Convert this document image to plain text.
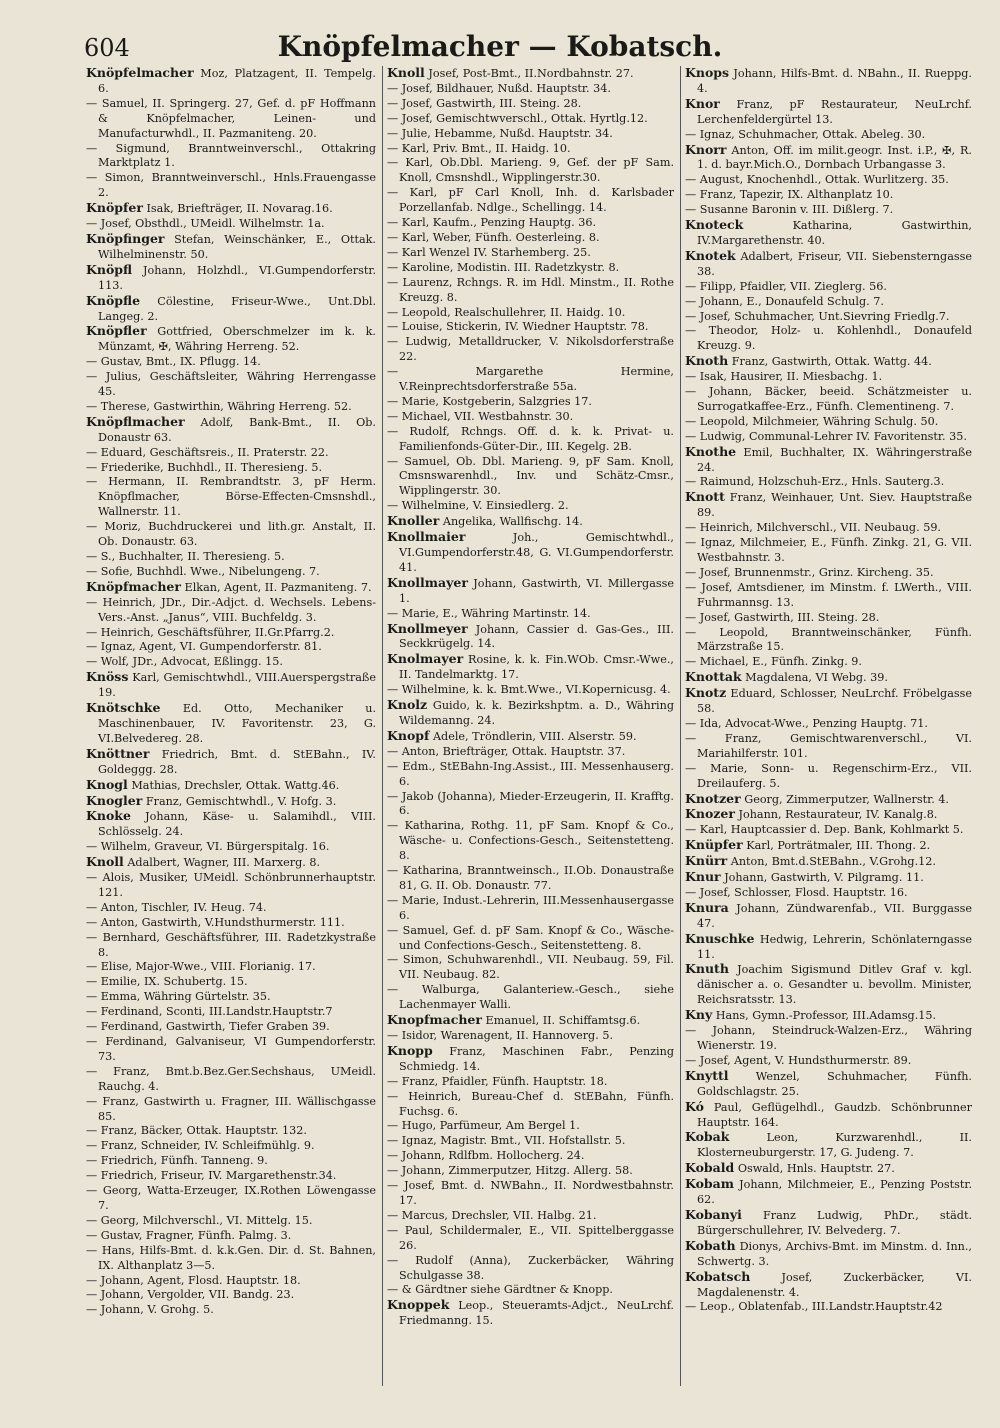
604	Knöpfelmacher — Kobatsch.
Knöpfelmacher Moz, Platzagent, II. Tempelg. 6.
— Samuel, II. Springerg. 27, Gef. d. pF Hoffmann & Knöpfelmacher, Leinen- und Manufacturwhdl., II. Pazmaniteng. 20.
— Sigmund, Branntweinverschl., Ottakring Marktplatz 1.
— Simon, Branntweinverschl., Hnls.Frauengasse 2.
Knöpfer Isak, Briefträger, II. Novarag.16.
— Josef, Obsthdl., UMeidl. Wilhelmstr. 1a.
Knöpfinger Stefan, Weinschänker, E., Ottak. Wilhelminenstr. 50.
Knöpfl Johann, Holzhdl., VI.Gumpendorferstr. 113.
Knöpfle Cölestine, Friseur-Wwe., Unt.Dbl. Langeg. 2.
Knöpfler Gottfried, Oberschmelzer im k. k. Münzamt, ✠, Währing Herreng. 52.
— Gustav, Bmt., IX. Pflugg. 14.
— Julius, Geschäftsleiter, Währing Herrengasse 45.
— Therese, Gastwirthin, Währing Herreng. 52.
Knöpflmacher Adolf, Bank-Bmt., II. Ob. Donaustr 63.
— Eduard, Geschäftsreis., II. Praterstr. 22.
— Friederike, Buchhdl., II. Theresieng. 5.
— Hermann, II. Rembrandtstr. 3, pF Herm. Knöpflmacher, Börse-Effecten-Cmsnshdl., Wallnerstr. 11.
— Moriz, Buchdruckerei und lith.gr. Anstalt, II. Ob. Donaustr. 63.
— S., Buchhalter, II. Theresieng. 5.
— Sofie, Buchhdl. Wwe., Nibelungeng. 7.
Knöpfmacher Elkan, Agent, II. Pazmaniteng. 7.
— Heinrich, JDr., Dir.-Adjct. d. Wechsels. Lebens-Vers.-Anst. „Janus“, VIII. Buchfeldg. 3.
— Heinrich, Geschäftsführer, II.Gr.Pfarrg.2.
— Ignaz, Agent, VI. Gumpendorferstr. 81.
— Wolf, JDr., Advocat, Eßlingg. 15.
Knöss Karl, Gemischtwhdl., VIII.Auerspergstraße 19.
Knötschke Ed. Otto, Mechaniker u. Maschinenbauer, IV. Favoritenstr. 23, G. VI.Belvedereg. 28.
Knöttner Friedrich, Bmt. d. StEBahn., IV. Goldeggg. 28.
Knogl Mathias, Drechsler, Ottak. Wattg.46.
Knogler Franz, Gemischtwhdl., V. Hofg. 3.
Knoke Johann, Käse- u. Salamihdl., VIII. Schlösselg. 24.
— Wilhelm, Graveur, VI. Bürgerspitalg. 16.
Knoll Adalbert, Wagner, III. Marxerg. 8.
— Alois, Musiker, UMeidl. Schönbrunnerhauptstr. 121.
— Anton, Tischler, IV. Heug. 74.
— Anton, Gastwirth, V.Hundsthurmerstr. 111.
— Bernhard, Geschäftsführer, III. Radetzkystraße 8.
— Elise, Major-Wwe., VIII. Florianig. 17.
— Emilie, IX. Schubertg. 15.
— Emma, Währing Gürtelstr. 35.
— Ferdinand, Sconti, III.Landstr.Hauptstr.7
— Ferdinand, Gastwirth, Tiefer Graben 39.
— Ferdinand, Galvaniseur, VI Gumpendorferstr. 73.
— Franz, Bmt.b.Bez.Ger.Sechshaus, UMeidl. Rauchg. 4.
— Franz, Gastwirth u. Fragner, III. Wällischgasse 85.
— Franz, Bäcker, Ottak. Hauptstr. 132.
— Franz, Schneider, IV. Schleifmühlg. 9.
— Friedrich, Fünfh. Tanneng. 9.
— Friedrich, Friseur, IV. Margarethenstr.34.
— Georg, Watta-Erzeuger, IX.Rothen Löwengasse 7.
— Georg, Milchverschl., VI. Mittelg. 15.
— Gustav, Fragner, Fünfh. Palmg. 3.
— Hans, Hilfs-Bmt. d. k.k.Gen. Dir. d. St. Bahnen, IX. Althanplatz 3—5.
— Johann, Agent, Flosd. Hauptstr. 18.
— Johann, Vergolder, VII. Bandg. 23.
— Johann, V. Grohg. 5.
Knoll Josef, Post-Bmt., II.Nordbahnstr. 27.
— Josef, Bildhauer, Nußd. Hauptstr. 34.
— Josef, Gastwirth, III. Steing. 28.
— Josef, Gemischtwverschl., Ottak. Hyrtlg.12.
— Julie, Hebamme, Nußd. Hauptstr. 34.
— Karl, Priv. Bmt., II. Haidg. 10.
— Karl, Ob.Dbl. Marieng. 9, Gef. der pF Sam. Knoll, Cmsnshdl., Wipplingerstr.30.
— Karl, pF Carl Knoll, Inh. d. Karlsbader Porzellanfab. Ndlge., Schellingg. 14.
— Karl, Kaufm., Penzing Hauptg. 36.
— Karl, Weber, Fünfh. Oesterleing. 8.
— Karl Wenzel IV. Starhemberg. 25.
— Karoline, Modistin. III. Radetzkystr. 8.
— Laurenz, Rchngs. R. im Hdl. Minstm., II. Rothe Kreuzg. 8.
— Leopold, Realschullehrer, II. Haidg. 10.
— Louise, Stickerin, IV. Wiedner Hauptstr. 78.
— Ludwig, Metalldrucker, V. Nikolsdorferstraße 22.
— Margarethe Hermine, V.Reinprechtsdorferstraße 55a.
— Marie, Kostgeberin, Salzgries 17.
— Michael, VII. Westbahnstr. 30.
— Rudolf, Rchngs. Off. d. k. k. Privat- u. Familienfonds-Güter-Dir., III. Kegelg. 2B.
— Samuel, Ob. Dbl. Marieng. 9, pF Sam. Knoll, Cmsnswarenhdl., Inv. und Schätz-Cmsr., Wipplingerstr. 30.
— Wilhelmine, V. Einsiedlerg. 2.
Knoller Angelika, Wallfischg. 14.
Knollmaier Joh., Gemischtwhdl., VI.Gumpendorferstr.48, G. VI.Gumpendorferstr. 41.
Knollmayer Johann, Gastwirth, VI. Millergasse 1.
— Marie, E., Währing Martinstr. 14.
Knollmeyer Johann, Cassier d. Gas-Ges., III. Seckkrügelg. 14.
Knolmayer Rosine, k. k. Fin.WOb. Cmsr.-Wwe., II. Tandelmarktg. 17.
— Wilhelmine, k. k. Bmt.Wwe., VI.Kopernicusg. 4.
Knolz Guido, k. k. Bezirkshptm. a. D., Währing Wildemanng. 24.
Knopf Adele, Tröndlerin, VIII. Alserstr. 59.
— Anton, Briefträger, Ottak. Hauptstr. 37.
— Edm., StEBahn-Ing.Assist., III. Messenhauserg. 6.
— Jakob (Johanna), Mieder-Erzeugerin, II. Krafftg. 6.
— Katharina, Rothg. 11, pF Sam. Knopf & Co., Wäsche- u. Confections-Gesch., Seitenstetteng. 8.
— Katharina, Branntweinsch., II.Ob. Donaustraße 81, G. II. Ob. Donaustr. 77.
— Marie, Indust.-Lehrerin, III.Messenhausergasse 6.
— Samuel, Gef. d. pF Sam. Knopf & Co., Wäsche- und Confections-Gesch., Seitenstetteng. 8.
— Simon, Schuhwarenhdl., VII. Neubaug. 59, Fil. VII. Neubaug. 82.
— Walburga, Galanteriew.-Gesch., siehe Lachenmayer Walli.
Knopfmacher Emanuel, II. Schiffamtsg.6.
— Isidor, Warenagent, II. Hannoverg. 5.
Knopp Franz, Maschinen Fabr., Penzing Schmiedg. 14.
— Franz, Pfaidler, Fünfh. Hauptstr. 18.
— Heinrich, Bureau-Chef d. StEBahn, Fünfh. Fuchsg. 6.
— Hugo, Parfümeur, Am Bergel 1.
— Ignaz, Magistr. Bmt., VII. Hofstallstr. 5.
— Johann, Rdlfbm. Hollocherg. 24.
— Johann, Zimmerputzer, Hitzg. Allerg. 58.
— Josef, Bmt. d. NWBahn., II. Nordwestbahnstr. 17.
— Marcus, Drechsler, VII. Halbg. 21.
— Paul, Schildermaler, E., VII. Spittelberggasse 26.
— Rudolf (Anna), Zuckerbäcker, Währing Schulgasse 38.
— & Gärdtner siehe Gärdtner & Knopp.
Knoppek Leop., Steueramts-Adjct., NeuLrchf. Friedmanng. 15.
Knops Johann, Hilfs-Bmt. d. NBahn., II. Rueppg. 4.
Knor Franz, pF Restaurateur, NeuLrchf. Lerchenfeldergürtel 13.
— Ignaz, Schuhmacher, Ottak. Abeleg. 30.
Knorr Anton, Off. im milit.geogr. Inst. i.P., ✠, R. 1. d. bayr.Mich.O., Dornbach Urbangasse 3.
— August, Knochenhdl., Ottak. Wurlitzerg. 35.
— Franz, Tapezir, IX. Althanplatz 10.
— Susanne Baronin v. III. Dißlerg. 7.
Knoteck Katharina, Gastwirthin, IV.Margarethenstr. 40.
Knotek Adalbert, Friseur, VII. Siebensterngasse 38.
— Filipp, Pfaidler, VII. Zieglerg. 56.
— Johann, E., Donaufeld Schulg. 7.
— Josef, Schuhmacher, Unt.Sievring Friedlg.7.
— Theodor, Holz- u. Kohlenhdl., Donaufeld Kreuzg. 9.
Knoth Franz, Gastwirth, Ottak. Wattg. 44.
— Isak, Hausirer, II. Miesbachg. 1.
— Johann, Bäcker, beeid. Schätzmeister u. Surrogatkaffee-Erz., Fünfh. Clementineng. 7.
— Leopold, Milchmeier, Währing Schulg. 50.
— Ludwig, Communal-Lehrer IV. Favoritenstr. 35.
Knothe Emil, Buchhalter, IX. Währingerstraße 24.
— Raimund, Holzschuh-Erz., Hnls. Sauterg.3.
Knott Franz, Weinhauer, Unt. Siev. Hauptstraße 89.
— Heinrich, Milchverschl., VII. Neubaug. 59.
— Ignaz, Milchmeier, E., Fünfh. Zinkg. 21, G. VII. Westbahnstr. 3.
— Josef, Brunnenmstr., Grinz. Kircheng. 35.
— Josef, Amtsdiener, im Minstm. f. LWerth., VIII. Fuhrmannsg. 13.
— Josef, Gastwirth, III. Steing. 28.
— Leopold, Branntweinschänker, Fünfh. Märzstraße 15.
— Michael, E., Fünfh. Zinkg. 9.
Knottak Magdalena, VI Webg. 39.
Knotz Eduard, Schlosser, NeuLrchf. Fröbelgasse 58.
— Ida, Advocat-Wwe., Penzing Hauptg. 71.
— Franz, Gemischtwarenverschl., VI. Mariahilferstr. 101.
— Marie, Sonn- u. Regenschirm-Erz., VII. Dreilauferg. 5.
Knotzer Georg, Zimmerputzer, Wallnerstr. 4.
Knozer Johann, Restaurateur, IV. Kanalg.8.
— Karl, Hauptcassier d. Dep. Bank, Kohlmarkt 5.
Knüpfer Karl, Porträtmaler, III. Thong. 2.
Knürr Anton, Bmt.d.StEBahn., V.Grohg.12.
Knur Johann, Gastwirth, V. Pilgramg. 11.
— Josef, Schlosser, Flosd. Hauptstr. 16.
Knura Johann, Zündwarenfab., VII. Burggasse 47.
Knuschke Hedwig, Lehrerin, Schönlaterngasse 11.
Knuth Joachim Sigismund Ditlev Graf v. kgl. dänischer a. o. Gesandter u. bevollm. Minister, Reichsratsstr. 13.
Kny Hans, Gymn.-Professor, III.Adamsg.15.
— Johann, Steindruck-Walzen-Erz., Währing Wienerstr. 19.
— Josef, Agent, V. Hundsthurmerstr. 89.
Knyttl Wenzel, Schuhmacher, Fünfh. Goldschlagstr. 25.
Kó Paul, Geflügelhdl., Gaudzb. Schönbrunner Hauptstr. 164.
Kobak Leon, Kurzwarenhdl., II. Klosterneuburgerstr. 17, G. Judeng. 7.
Kobald Oswald, Hnls. Hauptstr. 27.
Kobam Johann, Milchmeier, E., Penzing Poststr. 62.
Kobanyi Franz Ludwig, PhDr., städt. Bürgerschullehrer, IV. Belvederg. 7.
Kobath Dionys, Archivs-Bmt. im Minstm. d. Inn., Schwertg. 3.
Kobatsch Josef, Zuckerbäcker, VI. Magdalenenstr. 4.
— Leop., Oblatenfab., III.Landstr.Hauptstr.42
